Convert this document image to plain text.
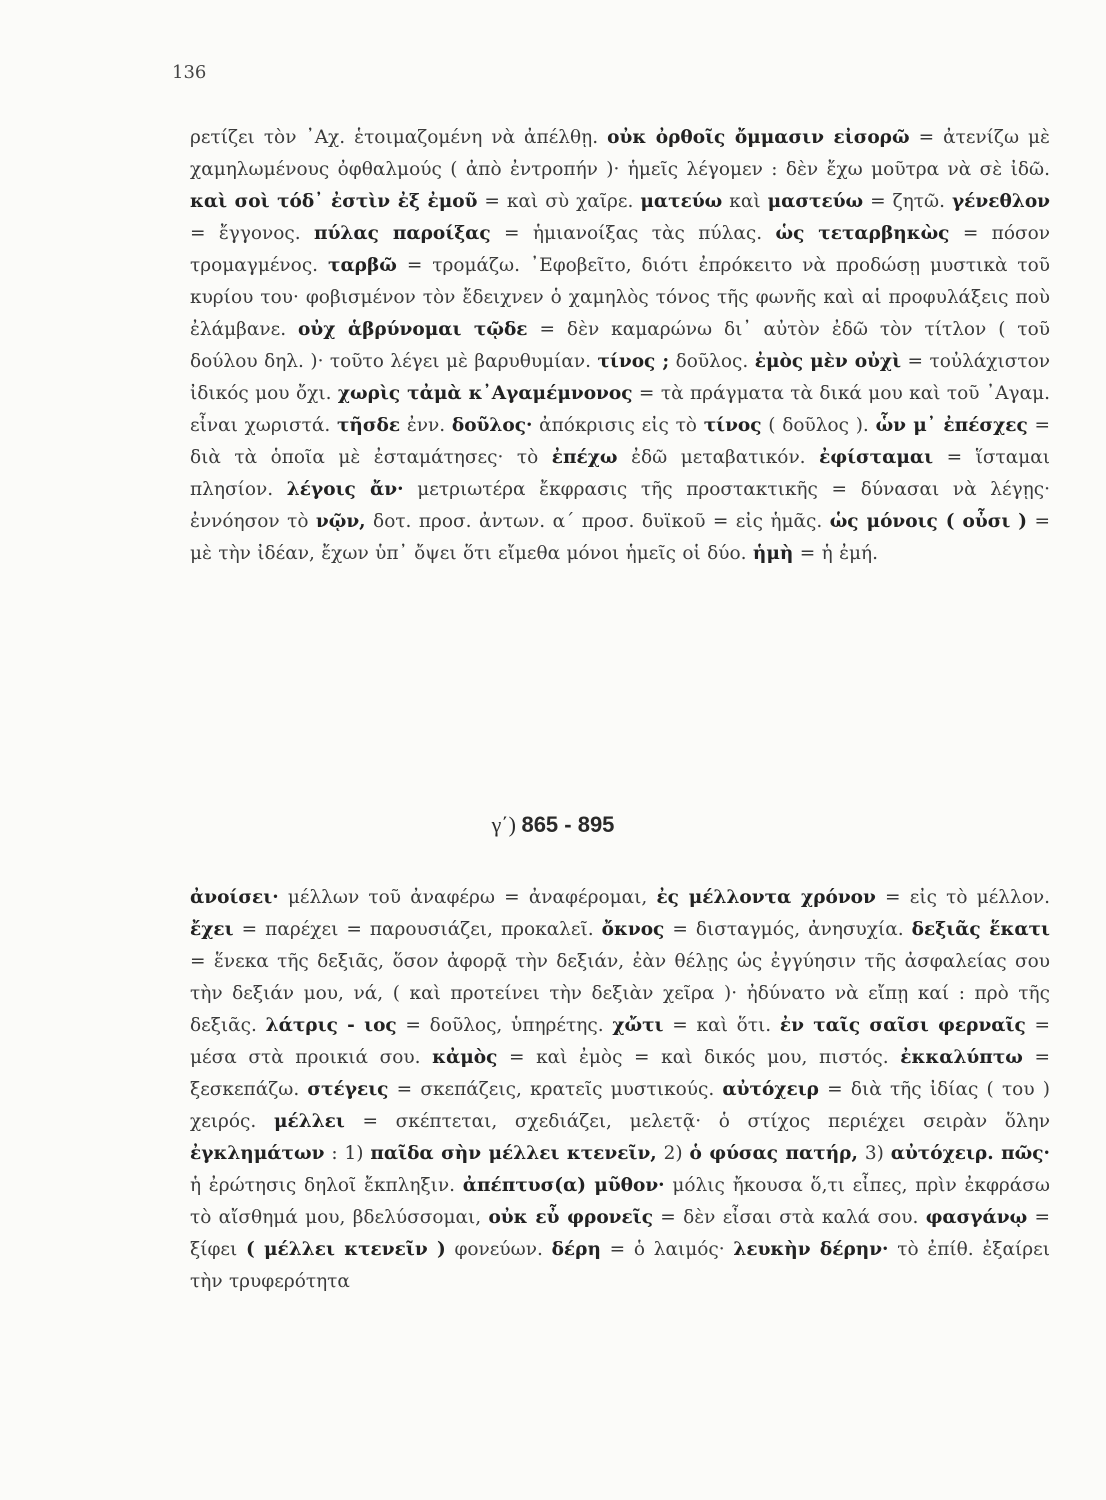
136
ρετίζει τὸν ᾿Αχ. ἑτοιμαζομένη νὰ ἀπέλθῃ. οὐκ ὀρθοῖς ὄμμασιν εἰσορῶ = ἀτενίζω μὲ χαμηλωμένους ὀφθαλμούς ( ἀπὸ ἐντροπήν )· ἡμεῖς λέγομεν : δὲν ἔχω μοῦτρα νὰ σὲ ἰδῶ. καὶ σοὶ τόδ᾿ ἐστὶν ἐξ ἐμοῦ = καὶ σὺ χαῖρε. ματεύω καὶ μαστεύω = ζητῶ. γένεθλον = ἔγγονος. πύλας παροίξας = ἡμιανοίξας τὰς πύλας. ὡς τεταρβηκὼς = πόσον τρομαγμένος. ταρβῶ = τρομάζω. ᾿Εφοβεῖτο, διότι ἐπρόκειτο νὰ προδώσῃ μυστικὰ τοῦ κυρίου του· φοβισμένον τὸν ἔδειχνεν ὁ χαμηλὸς τόνος τῆς φωνῆς καὶ αἱ προφυλάξεις ποὺ ἐλάμβανε. οὐχ ἁβρύνομαι τῷδε = δὲν καμαρώνω δι᾿ αὐτὸν ἐδῶ τὸν τίτλον ( τοῦ δούλου δηλ. )· τοῦτο λέγει μὲ βαρυθυμίαν. τίνος ; δοῦλος. ἐμὸς μὲν οὐχὶ = τοὐλάχιστον ἰδικός μου ὄχι. χωρὶς τἀμὰ κ᾿Αγαμέμνονος = τὰ πράγματα τὰ δικά μου καὶ τοῦ ᾿Αγαμ. εἶναι χωριστά. τῆσδε ἐνν. δοῦλος· ἀπόκρισις εἰς τὸ τίνος ( δοῦλος ). ὧν μ᾿ ἐπέσχες = διὰ τὰ ὁποῖα μὲ ἐσταμάτησες· τὸ ἐπέχω ἐδῶ μεταβατικόν. ἐφίσταμαι = ἵσταμαι πλησίον. λέγοις ἄν· μετριωτέρα ἔκφρασις τῆς προστακτικῆς = δύνασαι νὰ λέγῃς· ἐννόησον τὸ νῷν, δοτ. προσ. ἀντων. α΄ προσ. δυϊκοῦ = εἰς ἡμᾶς. ὡς μόνοις ( οὖσι ) = μὲ τὴν ἰδέαν, ἔχων ὑπ᾿ ὄψει ὅτι εἴμεθα μόνοι ἡμεῖς οἱ δύο. ἡμὴ = ἡ ἐμή.
γ΄) 865 - 895
ἀνοίσει· μέλλων τοῦ ἀναφέρω = ἀναφέρομαι, ἐς μέλλοντα χρόνον = εἰς τὸ μέλλον. ἔχει = παρέχει = παρουσιάζει, προκαλεῖ. ὄκνος = δισταγμός, ἀνησυχία. δεξιᾶς ἕκατι = ἕνεκα τῆς δεξιᾶς, ὅσον ἀφορᾷ τὴν δεξιάν, ἐὰν θέλῃς ὡς ἐγγύησιν τῆς ἀσφαλείας σου τὴν δεξιάν μου, νά, ( καὶ προτείνει τὴν δεξιὰν χεῖρα )· ἠδύνατο νὰ εἴπῃ καί : πρὸ τῆς δεξιᾶς. λάτρις - ιος = δοῦλος, ὑπηρέτης. χὤτι = καὶ ὅτι. ἐν ταῖς σαῖσι φερναῖς = μέσα στὰ προικιά σου. κἀμὸς = καὶ ἐμὸς = καὶ δικός μου, πιστός. ἐκκαλύπτω = ξεσκεπάζω. στέγεις = σκεπάζεις, κρατεῖς μυστικούς. αὐτόχειρ = διὰ τῆς ἰδίας ( του ) χειρός. μέλλει = σκέπτεται, σχεδιάζει, μελετᾷ· ὁ στίχος περιέχει σειρὰν ὅλην ἐγκλημάτων : 1) παῖδα σὴν μέλλει κτενεῖν, 2) ὁ φύσας πατήρ, 3) αὐτόχειρ. πῶς· ἡ ἐρώτησις δηλοῖ ἔκπληξιν. ἀπέπτυσ(α) μῦθον· μόλις ἤκουσα ὅ,τι εἶπες, πρὶν ἐκφράσω τὸ αἴσθημά μου, βδελύσσομαι, οὐκ εὖ φρονεῖς = δὲν εἶσαι στὰ καλά σου. φασγάνῳ = ξίφει ( μέλλει κτενεῖν ) φονεύων. δέρη = ὁ λαιμός· λευκὴν δέρην· τὸ ἐπίθ. ἐξαίρει τὴν τρυφερότητα
